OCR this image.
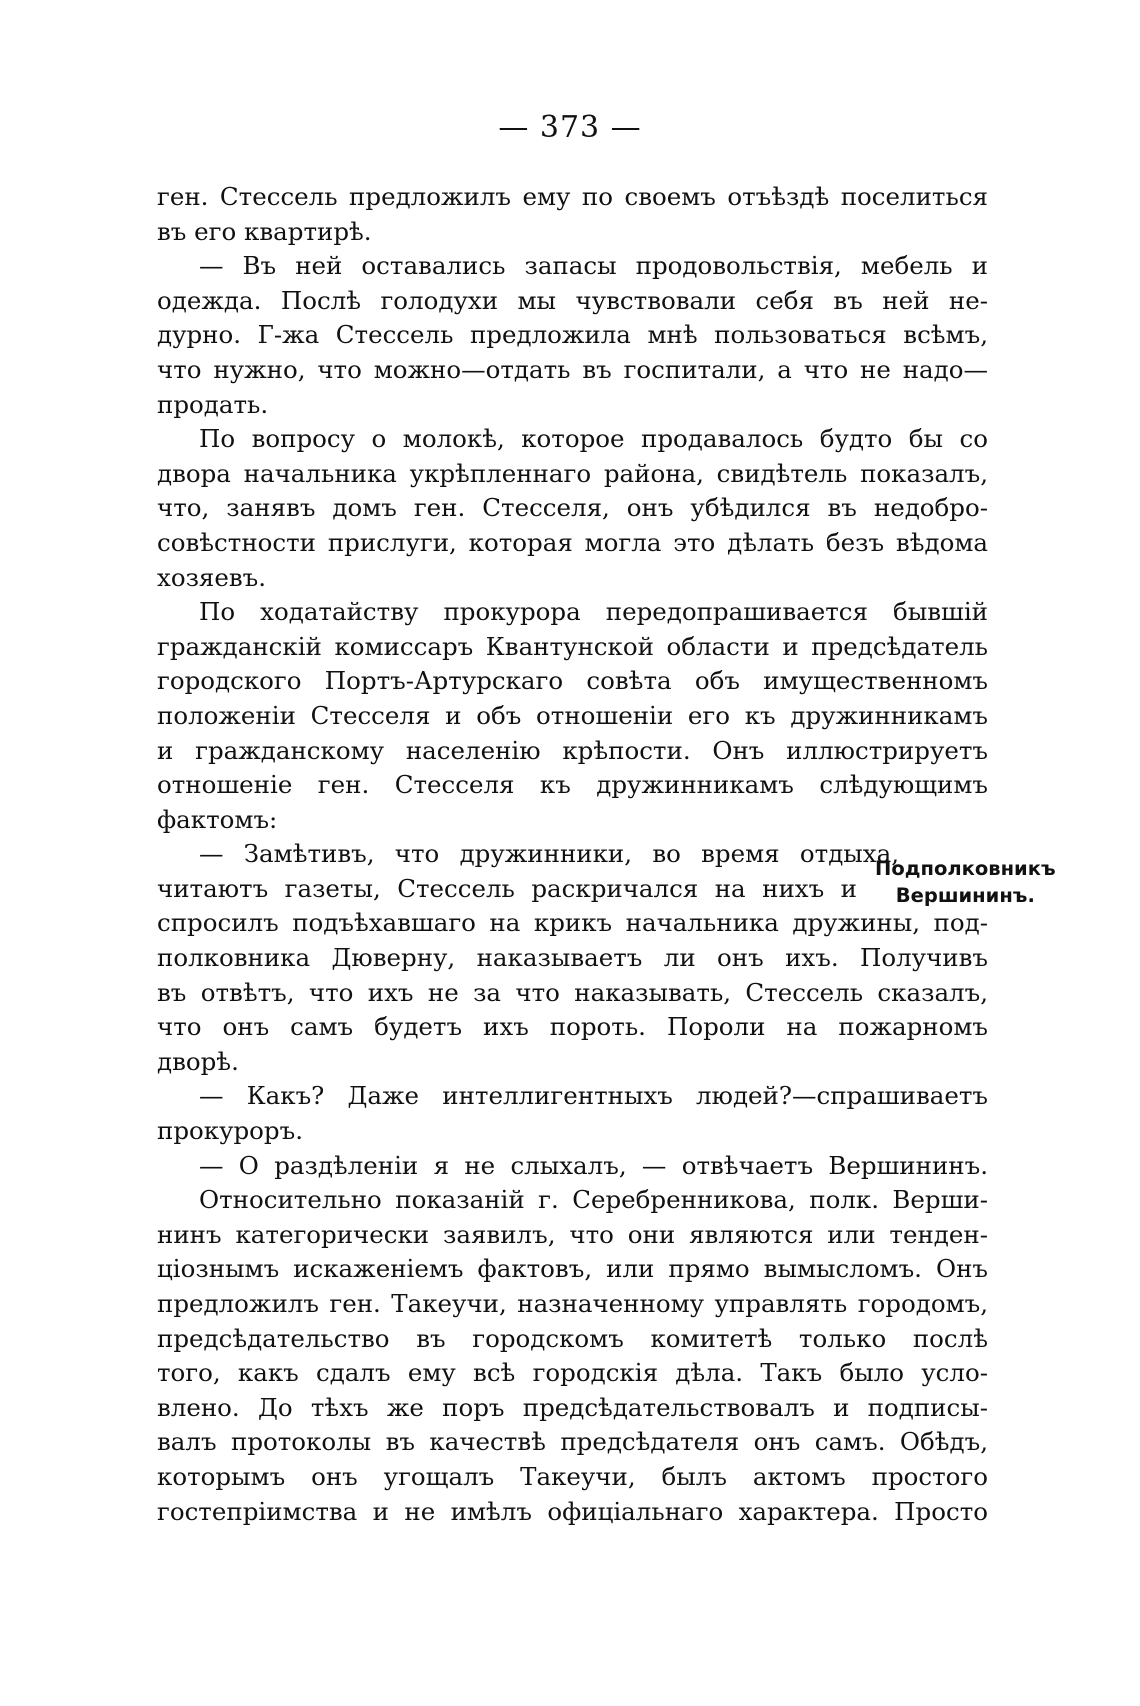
— 373 —
ген. Стессель предложилъ ему по своемъ отъѣздѣ поселиться
въ его квартирѣ.
— Въ ней оставались запасы продовольствія, мебель и
одежда. Послѣ голодухи мы чувствовали себя въ ней не-
дурно. Г-жа Стессель предложила мнѣ пользоваться всѣмъ,
что нужно, что можно—отдать въ госпитали, а что не надо—
продать.
По вопросу о молокѣ, которое продавалось будто бы со
двора начальника укрѣпленнаго района, свидѣтель показалъ,
что, занявъ домъ ген. Стесселя, онъ убѣдился въ недобро-
совѣстности прислуги, которая могла это дѣлать безъ вѣдома
хозяевъ.
По ходатайству прокурора передопрашивается бывшій
гражданскій комиссаръ Квантунской области и предсѣдатель
городского Портъ-Артурскаго совѣта объ имущественномъ
положеніи Стесселя и объ отношеніи его къ дружинникамъ
и гражданскому населенію крѣпости. Онъ иллюстрируетъ
отношеніе ген. Стесселя къ дружинникамъ слѣдующимъ
фактомъ:
— Замѣтивъ, что дружинники, во время отдыха,
читаютъ газеты, Стессель раскричался на нихъ и
спросилъ подъѣхавшаго на крикъ начальника дружины, под-
полковника Дюверну, наказываетъ ли онъ ихъ. Получивъ
въ отвѣтъ, что ихъ не за что наказывать, Стессель сказалъ,
что онъ самъ будетъ ихъ пороть. Пороли на пожарномъ
дворѣ.
— Какъ? Даже интеллигентныхъ людей?—спрашиваетъ
прокуроръ.
— О раздѣленіи я не слыхалъ, — отвѣчаетъ Вершининъ.
Относительно показаній г. Серебренникова, полк. Верши-
нинъ категорически заявилъ, что они являются или тенден-
ціознымъ искаженіемъ фактовъ, или прямо вымысломъ. Онъ
предложилъ ген. Такеучи, назначенному управлять городомъ,
предсѣдательство въ городскомъ комитетѣ только послѣ
того, какъ сдалъ ему всѣ городскія дѣла. Такъ было усло-
влено. До тѣхъ же поръ предсѣдательствовалъ и подписы-
валъ протоколы въ качествѣ предсѣдателя онъ самъ. Обѣдъ,
которымъ онъ угощалъ Такеучи, былъ актомъ простого
гостепріимства и не имѣлъ офиціальнаго характера. Просто
Подполковникъ
Вершининъ.
